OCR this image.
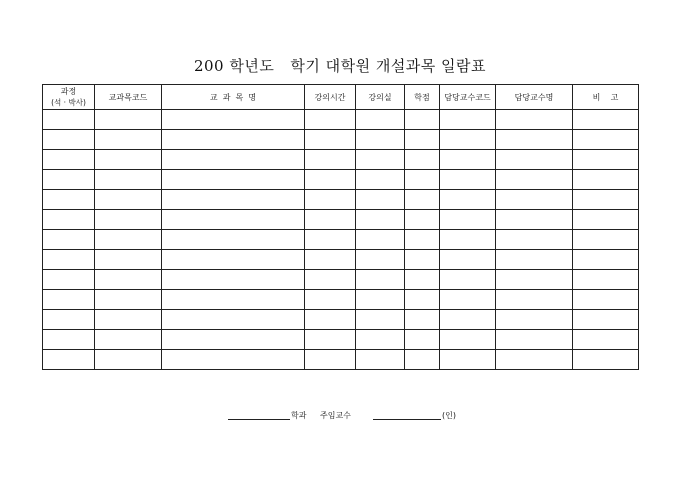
200 학년도 학기 대학원 개설과목 일람표
과정
(석 · 박사)	교과목코드	교  과  목  명	강의시간	강의실	학점	담당교수코드	담당교수명	비    고

학과 주임교수	(인)
